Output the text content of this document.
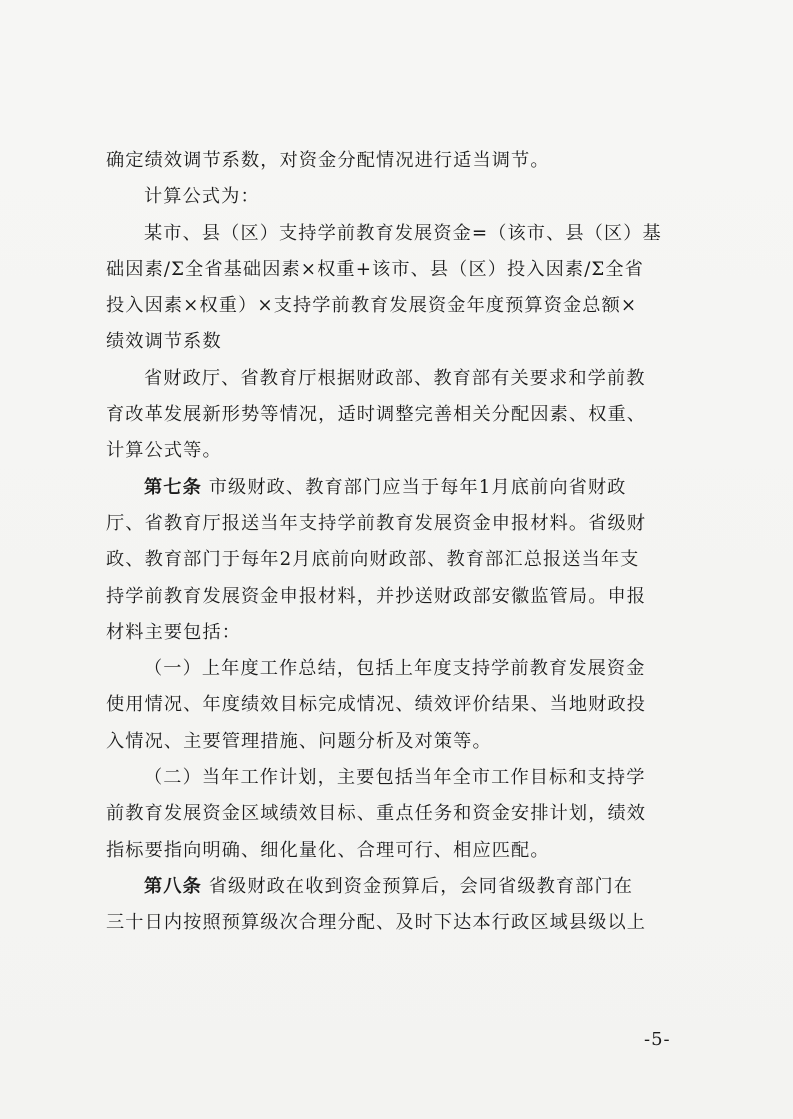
确定绩效调节系数，对资金分配情况进行适当调节。
计算公式为：
某市、县（区）支持学前教育发展资金=（该市、县（区）基
础因素/Σ全省基础因素×权重+该市、县（区）投入因素/Σ全省
投入因素×权重）×支持学前教育发展资金年度预算资金总额×
绩效调节系数
省财政厅、省教育厅根据财政部、教育部有关要求和学前教
育改革发展新形势等情况，适时调整完善相关分配因素、权重、
计算公式等。
第七条 市级财政、教育部门应当于每年1月底前向省财政
厅、省教育厅报送当年支持学前教育发展资金申报材料。省级财
政、教育部门于每年2月底前向财政部、教育部汇总报送当年支
持学前教育发展资金申报材料，并抄送财政部安徽监管局。申报
材料主要包括：
（一）上年度工作总结，包括上年度支持学前教育发展资金
使用情况、年度绩效目标完成情况、绩效评价结果、当地财政投
入情况、主要管理措施、问题分析及对策等。
（二）当年工作计划，主要包括当年全市工作目标和支持学
前教育发展资金区域绩效目标、重点任务和资金安排计划，绩效
指标要指向明确、细化量化、合理可行、相应匹配。
第八条 省级财政在收到资金预算后，会同省级教育部门在
三十日内按照预算级次合理分配、及时下达本行政区域县级以上
-5-
